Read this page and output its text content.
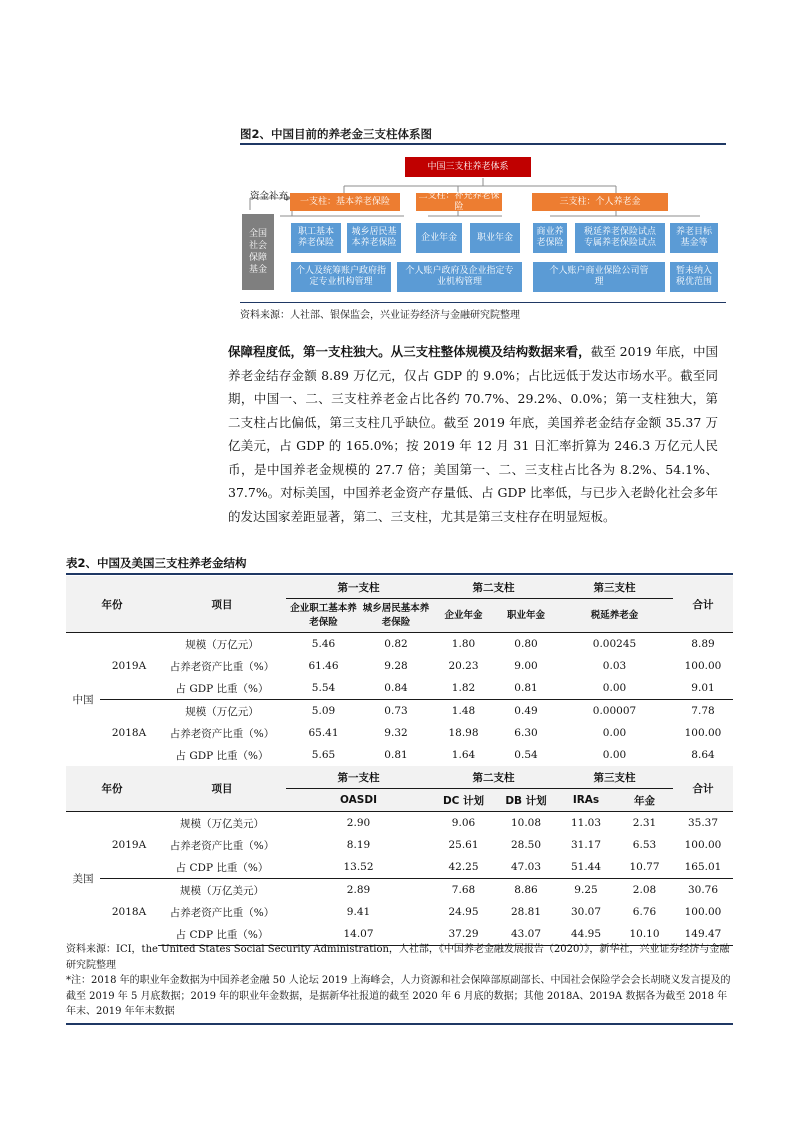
图2、中国目前的养老金三支柱体系图
资金补充
中国三支柱养老体系
一支柱：基本养老保险
二支柱：补充养老保险
三支柱：个人养老金
全国社会保障基金
职工基本养老保险
城乡居民基本养老保险
企业年金	职业年金
商业养老保险
税延养老保险试点专属养老保险试点
养老目标基金等
个人及统筹账户政府指定专业机构管理
个人账户政府及企业指定专业机构管理
个人账户商业保险公司管理
暂未纳入税优范围
资料来源：人社部、银保监会，兴业证券经济与金融研究院整理
保障程度低，第一支柱独大。从三支柱整体规模及结构数据来看，截至 2019 年底，中国养老金结存金额 8.89 万亿元，仅占 GDP 的 9.0%；占比远低于发达市场水平。截至同期，中国一、二、三支柱养老金占比各约 70.7%、29.2%、0.0%；第一支柱独大，第二支柱占比偏低，第三支柱几乎缺位。截至 2019 年底，美国养老金结存金额 35.37 万亿美元，占 GDP 的 165.0%；按 2019 年 12 月 31 日汇率折算为 246.3 万亿元人民币，是中国养老金规模的 27.7 倍；美国第一、二、三支柱占比各为 8.2%、54.1%、37.7%。对标美国，中国养老金资产存量低、占 GDP 比率低，与已步入老龄化社会多年的发达国家差距显著，第二、三支柱，尤其是第三支柱存在明显短板。
表2、中国及美国三支柱养老金结构
年份		项目	第一支柱		第二支柱		第三支柱	合计
			企业职工基本养老保险	城乡居民基本养老保险	企业年金	职业年金	税延养老金	
中国	2019A	规模（万亿元）	5.46	0.82	1.80	0.80	0.00245	8.89
		占养老资产比重（%）	61.46	9.28	20.23	9.00	0.03	100.00
		占 GDP 比重（%）	5.54	0.84	1.82	0.81	0.00	9.01
	2018A	规模（万亿元）	5.09	0.73	1.48	0.49	0.00007	7.78
		占养老资产比重（%）	65.41	9.32	18.98	6.30	0.00	100.00
		占 GDP 比重（%）	5.65	0.81	1.64	0.54	0.00	8.64
年份		项目	第一支柱	第二支柱		第三支柱		合计
			OASDI	DC 计划	DB 计划	IRAs	年金	
美国	2019A	规模（万亿美元）	2.90	9.06	10.08	11.03	2.31	35.37
		占养老资产比重（%）	8.19	25.61	28.50	31.17	6.53	100.00
		占 CDP 比重（%）	13.52	42.25	47.03	51.44	10.77	165.01
	2018A	规模（万亿美元）	2.89	7.68	8.86	9.25	2.08	30.76
		占养老资产比重（%）	9.41	24.95	28.81	30.07	6.76	100.00
		占 CDP 比重（%）	14.07	37.29	43.07	44.95	10.10	149.47
资料来源：ICI，the United States Social Security Administration，人社部，《中国养老金融发展报告（2020）》，新华社，兴业证券经济与金融研究院整理
*注：2018 年的职业年金数据为中国养老金融 50 人论坛 2019 上海峰会，人力资源和社会保障部原副部长、中国社会保险学会会长胡晓义发言提及的截至 2019 年 5 月底数据；2019 年的职业年金数据，是据新华社报道的截至 2020 年 6 月底的数据；其他 2018A、2019A 数据各为截至 2018 年年末、2019 年年末数据
